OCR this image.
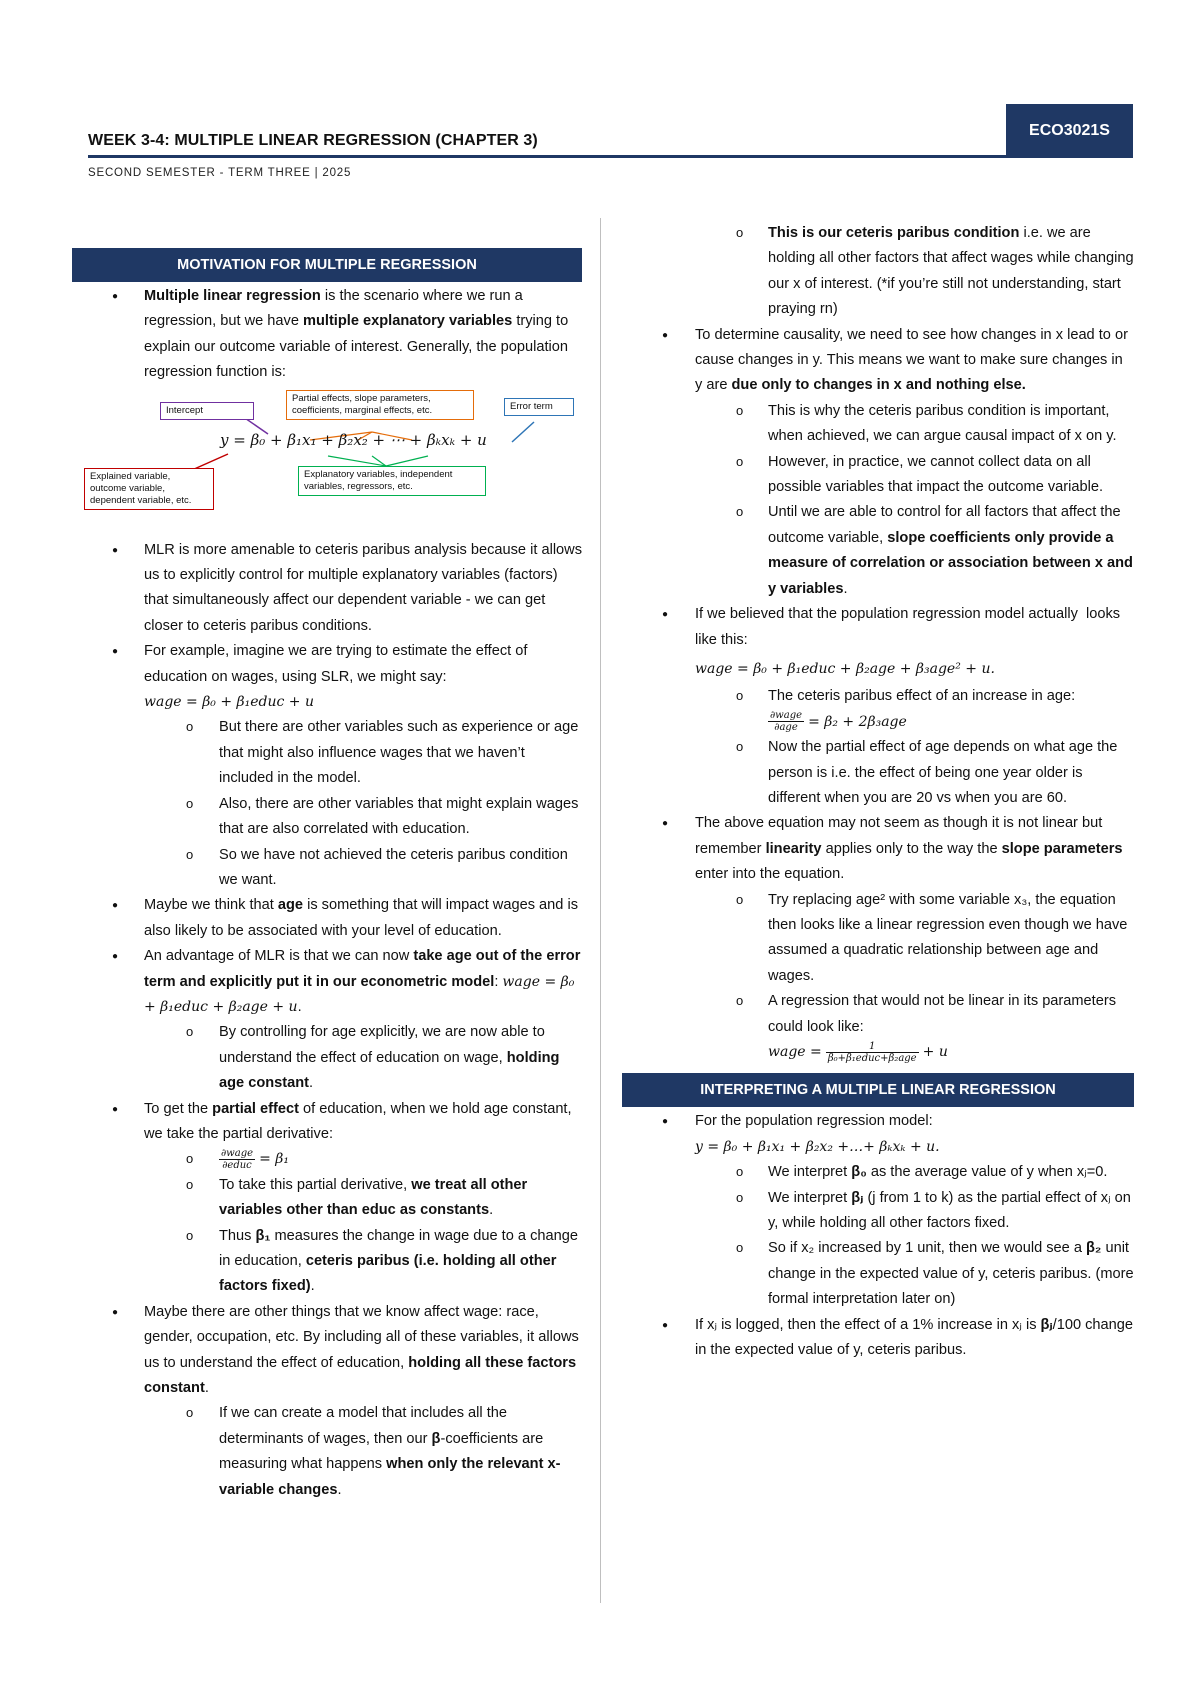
WEEK 3-4: MULTIPLE LINEAR REGRESSION (CHAPTER 3)
ECO3021S
SECOND SEMESTER - TERM THREE | 2025
MOTIVATION FOR MULTIPLE REGRESSION
● Multiple linear regression is the scenario where we run a regression, but we have multiple explanatory variables trying to explain our outcome variable of interest. Generally, the population regression function is:
Intercept
Partial effects, slope parameters, coefficients, marginal effects, etc.	Error term
y = β₀ + β₁x₁ + β₂x₂ + ⋯ + βₖxₖ + u
Explained variable, outcome variable, dependent variable, etc.
Explanatory variables, independent variables, regressors, etc.
● MLR is more amenable to ceteris paribus analysis because it allows us to explicitly control for multiple explanatory variables (factors) that simultaneously affect our dependent variable - we can get closer to ceteris paribus conditions.
● For example, imagine we are trying to estimate the effect of education on wages, using SLR, we might say:
wage = β₀ + β₁educ + u
o But there are other variables such as experience or age that might also influence wages that we haven’t included in the model.
o Also, there are other variables that might explain wages that are also correlated with education.
o So we have not achieved the ceteris paribus condition we want.
● Maybe we think that age is something that will impact wages and is also likely to be associated with your level of education.
● An advantage of MLR is that we can now take age out of the error term and explicitly put it in our econometric model: wage = β₀ + β₁educ + β₂age + u.
o By controlling for age explicitly, we are now able to understand the effect of education on wage, holding age constant.
● To get the partial effect of education, when we hold age constant, we take the partial derivative:
o $\frac{\text{∂wage}}{\text{∂educ}} = \beta_1$
o To take this partial derivative, we treat all other variables other than educ as constants.
o Thus β₁ measures the change in wage due to a change in education, ceteris paribus (i.e. holding all other factors fixed).
● Maybe there are other things that we know affect wage: race, gender, occupation, etc. By including all of these variables, it allows us to understand the effect of education, holding all these factors constant.
o If we can create a model that includes all the determinants of wages, then our β-coefficients are measuring what happens when only the relevant x-variable changes.
o This is our ceteris paribus condition i.e. we are holding all other factors that affect wages while changing our x of interest. (*if you’re still not understanding, start praying rn)
● To determine causality, we need to see how changes in x lead to or cause changes in y. This means we want to make sure changes in y are due only to changes in x and nothing else.
o This is why the ceteris paribus condition is important, when achieved, we can argue causal impact of x on y.
o However, in practice, we cannot collect data on all possible variables that impact the outcome variable.
o Until we are able to control for all factors that affect the outcome variable, slope coefficients only provide a measure of correlation or association between x and y variables.
● If we believed that the population regression model actually  looks like this:
wage = β₀ + β₁educ + β₂age + β₃age² + u.
o The ceteris paribus effect of an increase in age:

$\frac{\text{∂wage}}{\text{∂age}} = \beta_2 + 2\beta_3age$
o Now the partial effect of age depends on what age the person is i.e. the effect of being one year older is different when you are 20 vs when you are 60.
● The above equation may not seem as though it is not linear but remember linearity applies only to the way the slope parameters enter into the equation.
o Try replacing age² with some variable x₃, the equation then looks like a linear regression even though we have assumed a quadratic relationship between age and wages.
o A regression that would not be linear in its parameters could look like:
wage = $\frac{1}{\text{β₀+β₁educ+β₂age}} + u$
INTERPRETING A MULTIPLE LINEAR REGRESSION
● For the population regression model:
y = β₀ + β₁x₁ + β₂x₂ +…+ βₖxₖ + u.
o We interpret β₀ as the average value of y when xⱼ=0.
o We interpret βⱼ (j from 1 to k) as the partial effect of xⱼ on y, while holding all other factors fixed.
o So if x₂ increased by 1 unit, then we would see a β₂ unit change in the expected value of y, ceteris paribus. (more formal interpretation later on)
● If xⱼ is logged, then the effect of a 1% increase in xⱼ is βⱼ/100 change in the expected value of y, ceteris paribus.
